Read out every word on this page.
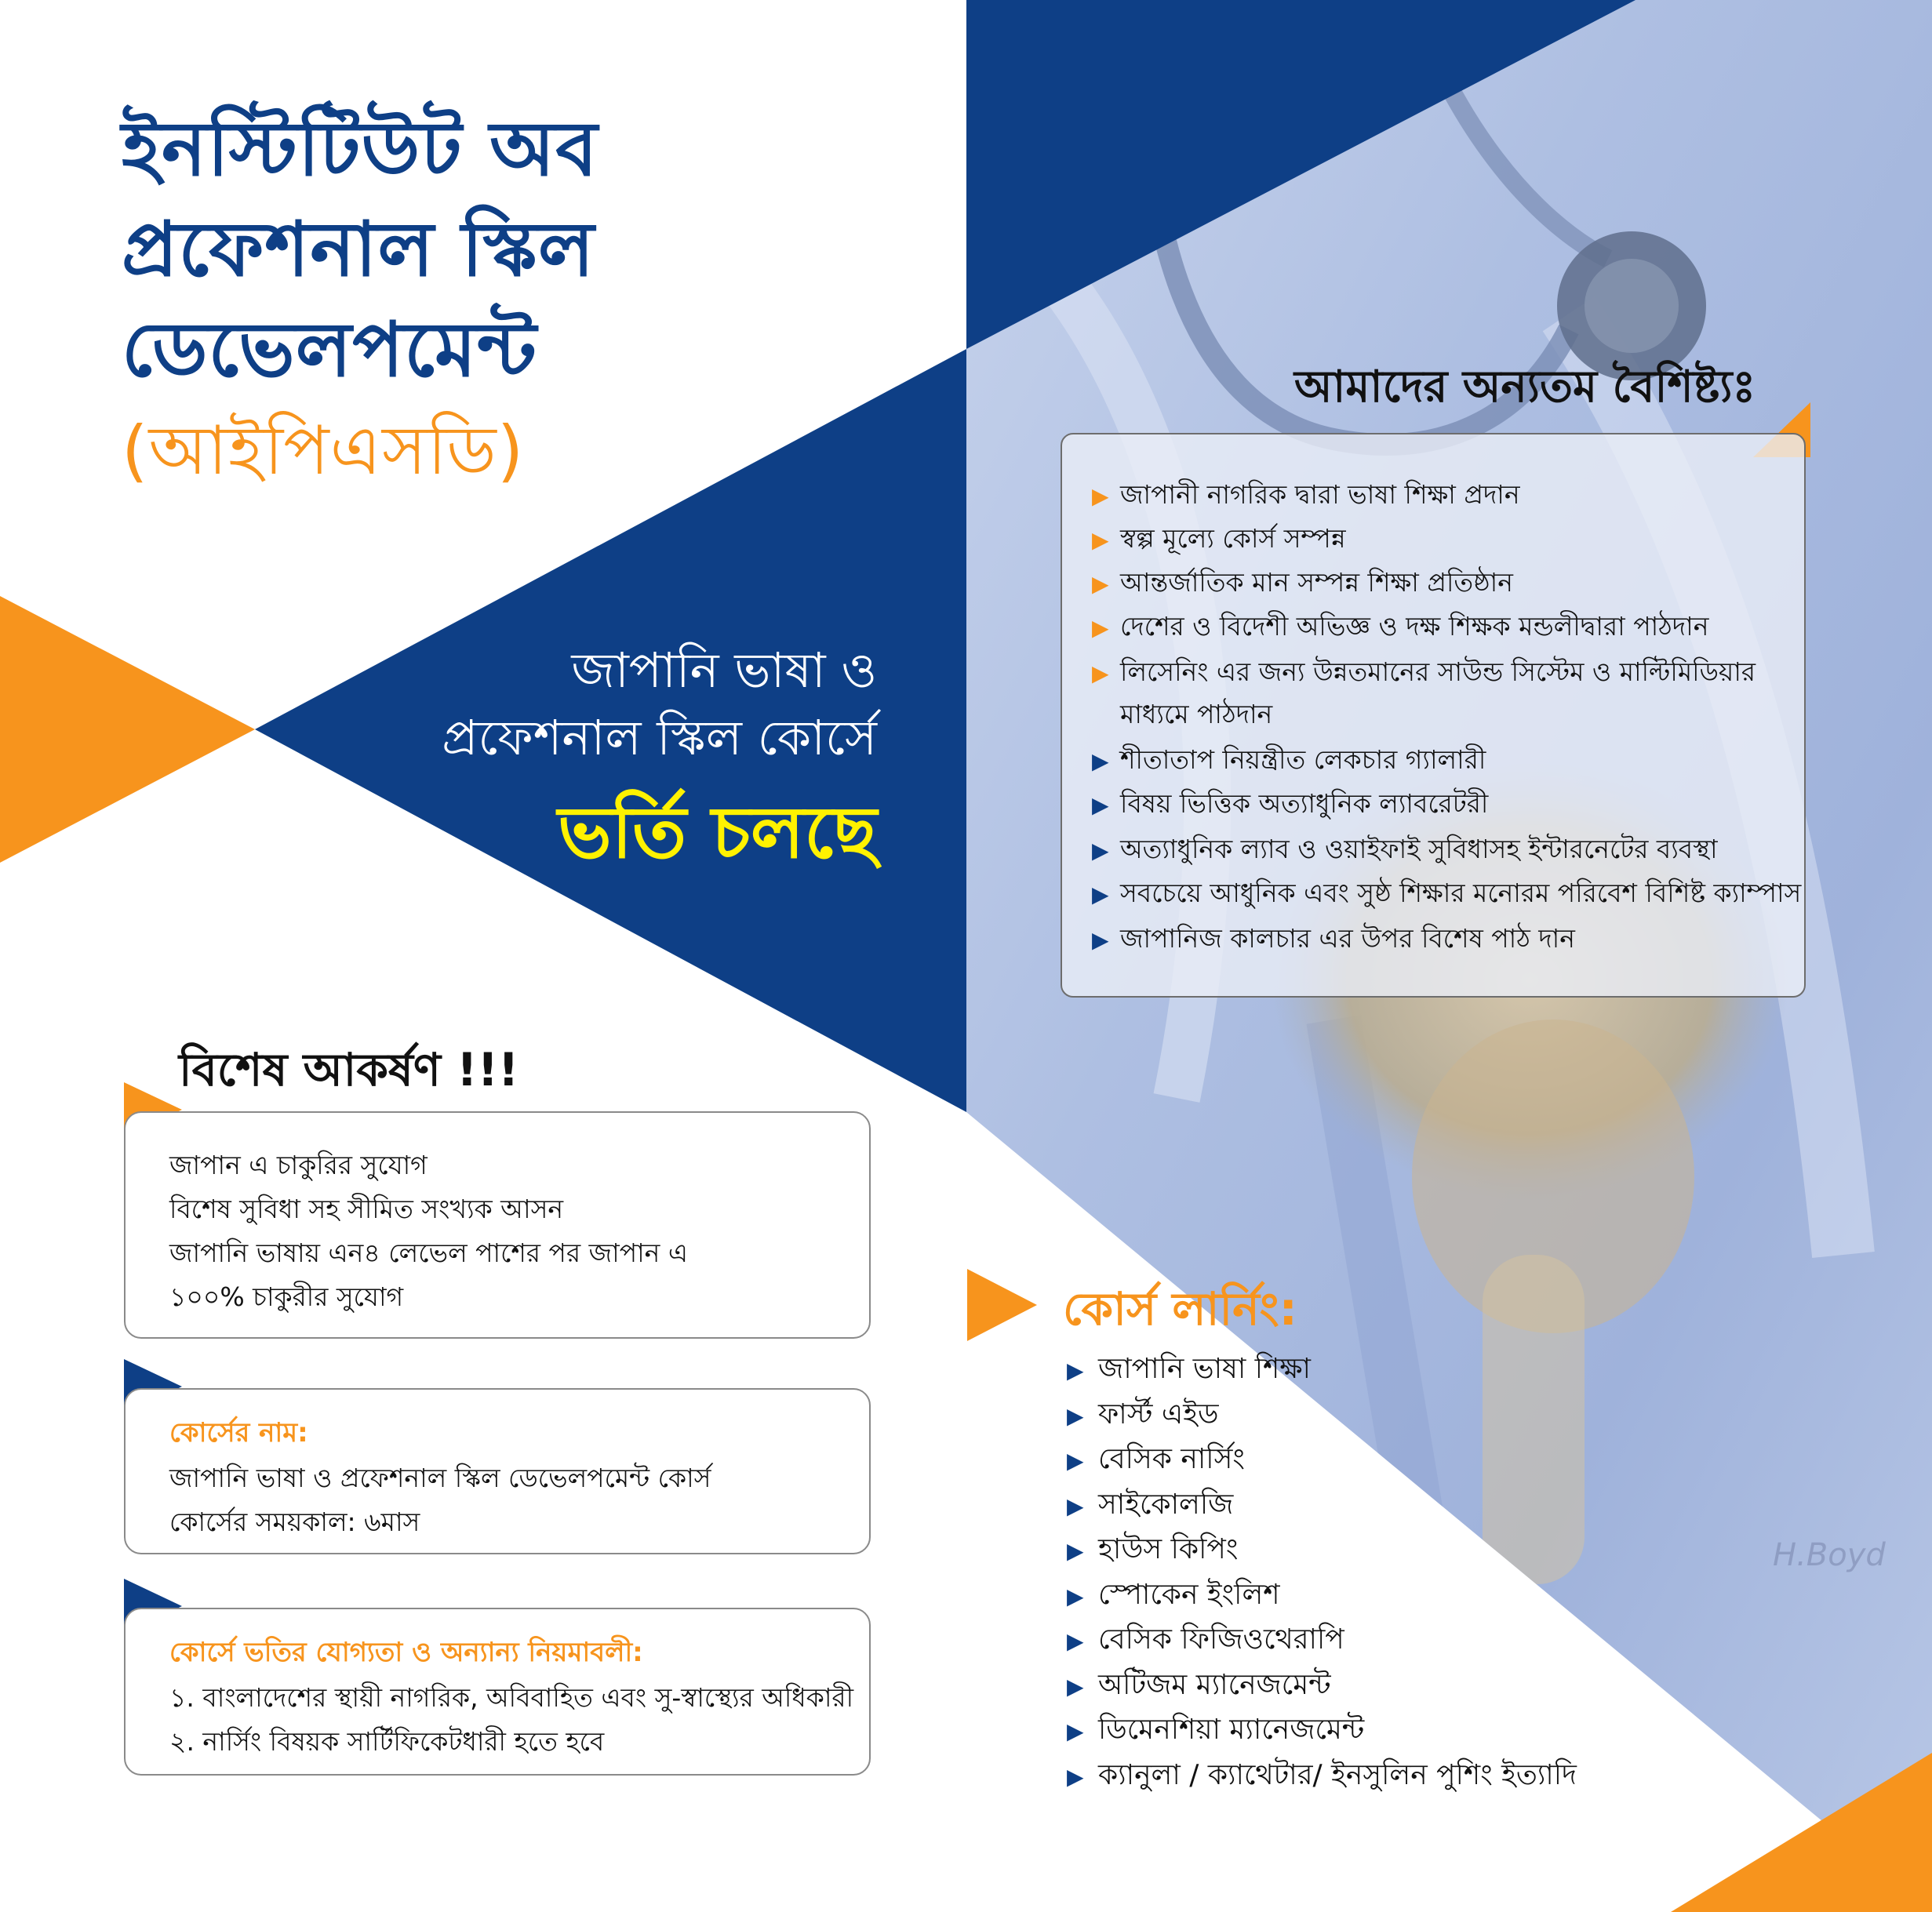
ইনস্টিটিউট অব
প্রফেশনাল স্কিল
ডেভেলপমেন্ট
(আইপিএসডি)
জাপানি ভাষা ও
প্রফেশনাল স্কিল কোর্সে
ভর্তি চলছে
আমাদের অন্যতম বৈশিষ্ট্যঃ
▶ জাপানী নাগরিক দ্বারা ভাষা শিক্ষা প্রদান
▶ স্বল্প মূল্যে কোর্স সম্পন্ন
▶ আন্তর্জাতিক মান সম্পন্ন শিক্ষা প্রতিষ্ঠান
▶ দেশের ও বিদেশী অভিজ্ঞ ও দক্ষ শিক্ষক মন্ডলীদ্বারা পাঠদান
▶ লিসেনিং এর জন্য উন্নতমানের সাউন্ড সিস্টেম ও মাল্টিমিডিয়ার
মাধ্যমে পাঠদান
▶ শীতাতাপ নিয়ন্ত্রীত লেকচার গ্যালারী
▶ বিষয় ভিত্তিক অত্যাধুনিক ল্যাবরেটরী
▶ অত্যাধুনিক ল্যাব ও ওয়াইফাই সুবিধাসহ ইন্টারনেটের ব্যবস্থা
▶ সবচেয়ে আধুনিক এবং সুষ্ঠ শিক্ষার মনোরম পরিবেশ বিশিষ্ট ক্যাম্পাস
▶ জাপানিজ কালচার এর উপর বিশেষ পাঠ দান
বিশেষ আকর্ষণ !!!
জাপান এ চাকুরির সুযোগ
বিশেষ সুবিধা সহ সীমিত সংখ্যক আসন
জাপানি ভাষায় এন৪ লেভেল পাশের পর জাপান এ
১০০% চাকুরীর সুযোগ
কোর্সের নাম:
জাপানি ভাষা ও প্রফেশনাল স্কিল ডেভেলপমেন্ট কোর্স
কোর্সের সময়কাল: ৬মাস
কোর্সে ভতির যোগ্যতা ও অন্যান্য নিয়মাবলী:
১. বাংলাদেশের স্থায়ী নাগরিক, অবিবাহিত এবং সু-স্বাস্থ্যের অধিকারী
২. নার্সিং বিষয়ক সার্টিফিকেটধারী হতে হবে
কোর্স লার্নিং:
▶ জাপানি ভাষা শিক্ষা
▶ ফার্স্ট এইড
▶ বেসিক নার্সিং
▶ সাইকোলজি
▶ হাউস কিপিং
▶ স্পোকেন ইংলিশ
▶ বেসিক ফিজিওথেরাপি
▶ অটিজম ম্যানেজমেন্ট
▶ ডিমেনশিয়া ম্যানেজমেন্ট
▶ ক্যানুলা / ক্যাথেটার/ ইনসুলিন পুশিং ইত্যাদি
H.Boyd
